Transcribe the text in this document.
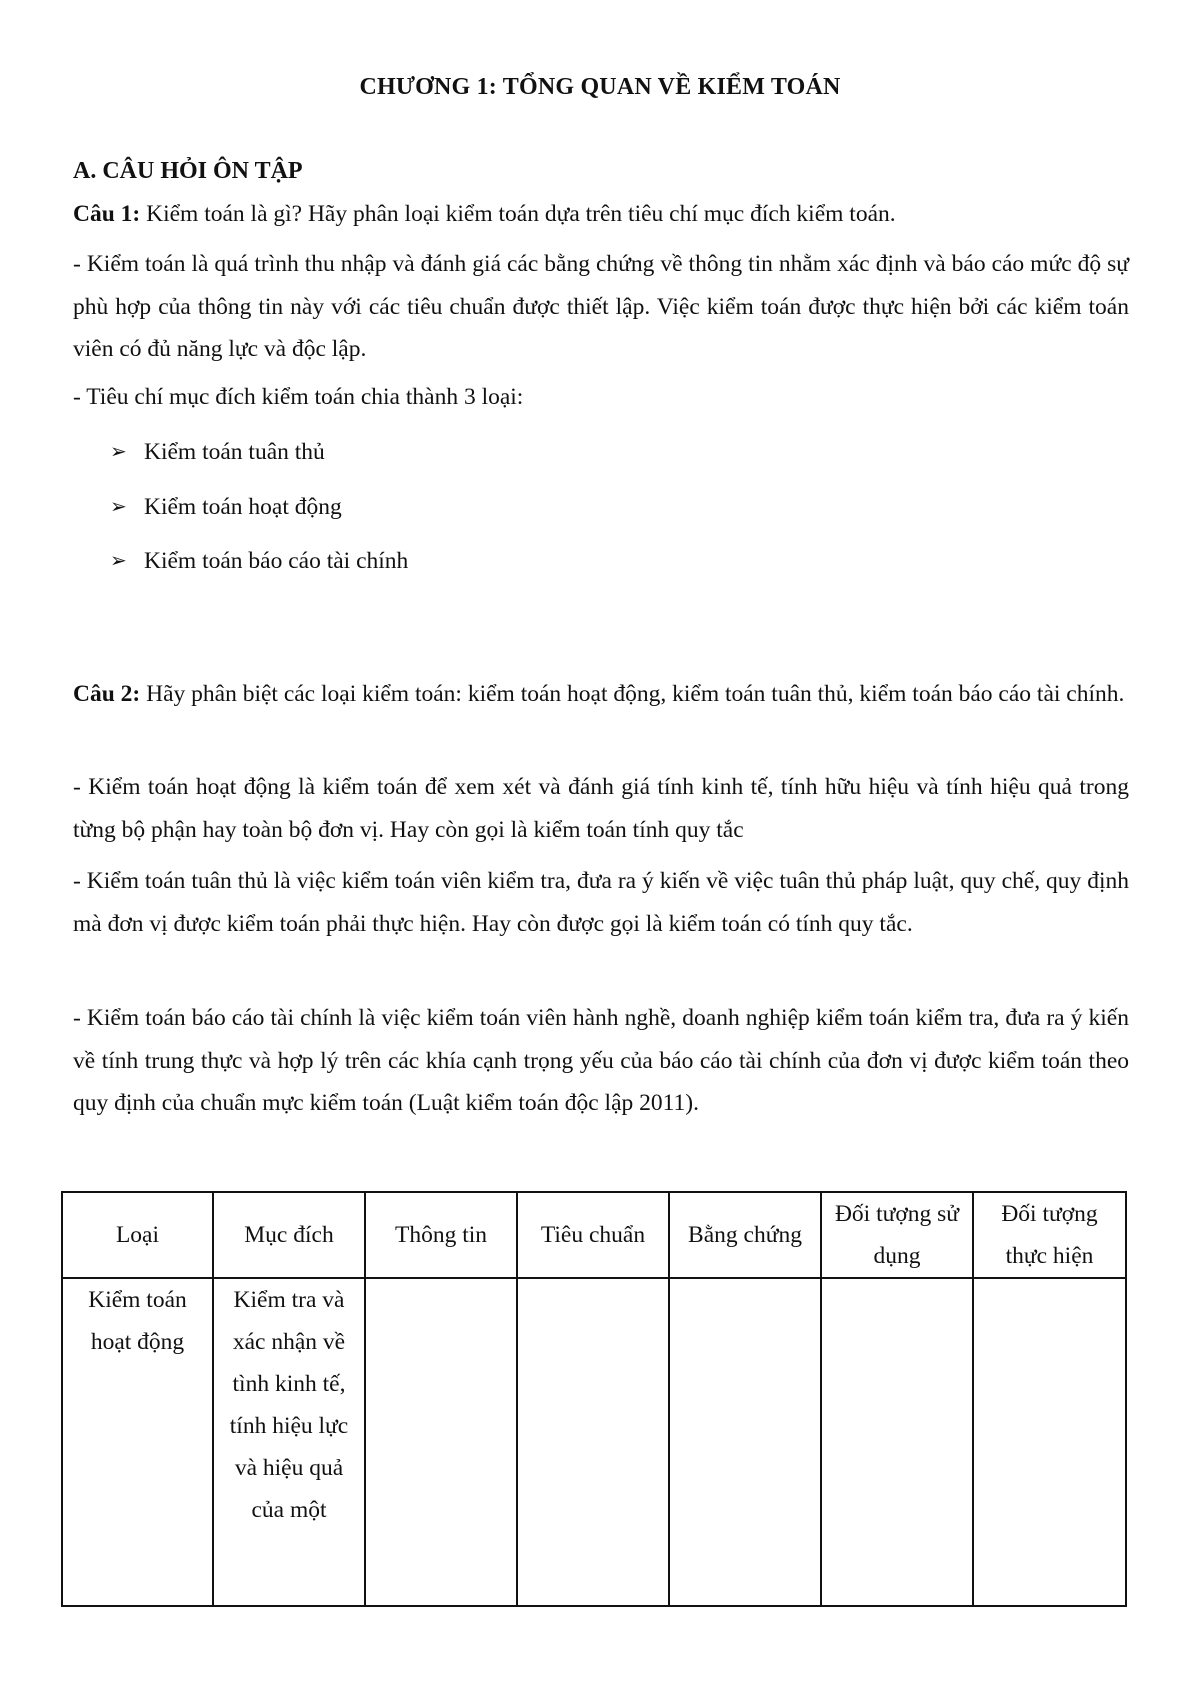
CHƯƠNG 1: TỔNG QUAN VỀ KIỂM TOÁN
A. CÂU HỎI ÔN TẬP
Câu 1: Kiểm toán là gì? Hãy phân loại kiểm toán dựa trên tiêu chí mục đích kiểm toán.
- Kiểm toán là quá trình thu nhập và đánh giá các bằng chứng về thông tin nhằm xác định và báo cáo mức độ sự phù hợp của thông tin này với các tiêu chuẩn được thiết lập. Việc kiểm toán được thực hiện bởi các kiểm toán viên có đủ năng lực và độc lập.
- Tiêu chí mục đích kiểm toán chia thành 3 loại:
➢ Kiểm toán tuân thủ
➢ Kiểm toán hoạt động
➢ Kiểm toán báo cáo tài chính
Câu 2: Hãy phân biệt các loại kiểm toán: kiểm toán hoạt động, kiểm toán tuân thủ, kiểm toán báo cáo tài chính.
- Kiểm toán hoạt động là kiểm toán để xem xét và đánh giá tính kinh tế, tính hữu hiệu và tính hiệu quả trong từng bộ phận hay toàn bộ đơn vị. Hay còn gọi là kiểm toán tính quy tắc
- Kiểm toán tuân thủ là việc kiểm toán viên kiểm tra, đưa ra ý kiến về việc tuân thủ pháp luật, quy chế, quy định mà đơn vị được kiểm toán phải thực hiện. Hay còn được gọi là kiểm toán có tính quy tắc.
- Kiểm toán báo cáo tài chính là việc kiểm toán viên hành nghề, doanh nghiệp kiểm toán kiểm tra, đưa ra ý kiến về tính trung thực và hợp lý trên các khía cạnh trọng yếu của báo cáo tài chính của đơn vị được kiểm toán theo quy định của chuẩn mực kiểm toán (Luật kiểm toán độc lập 2011).
Loại	Mục đích	Thông tin	Tiêu chuẩn	Bằng chứng	Đối tượng sử dụng	Đối tượng thực hiện
Kiểm toán hoạt động	Kiểm tra và xác nhận về tình kinh tế, tính hiệu lực và hiệu quả của một					
